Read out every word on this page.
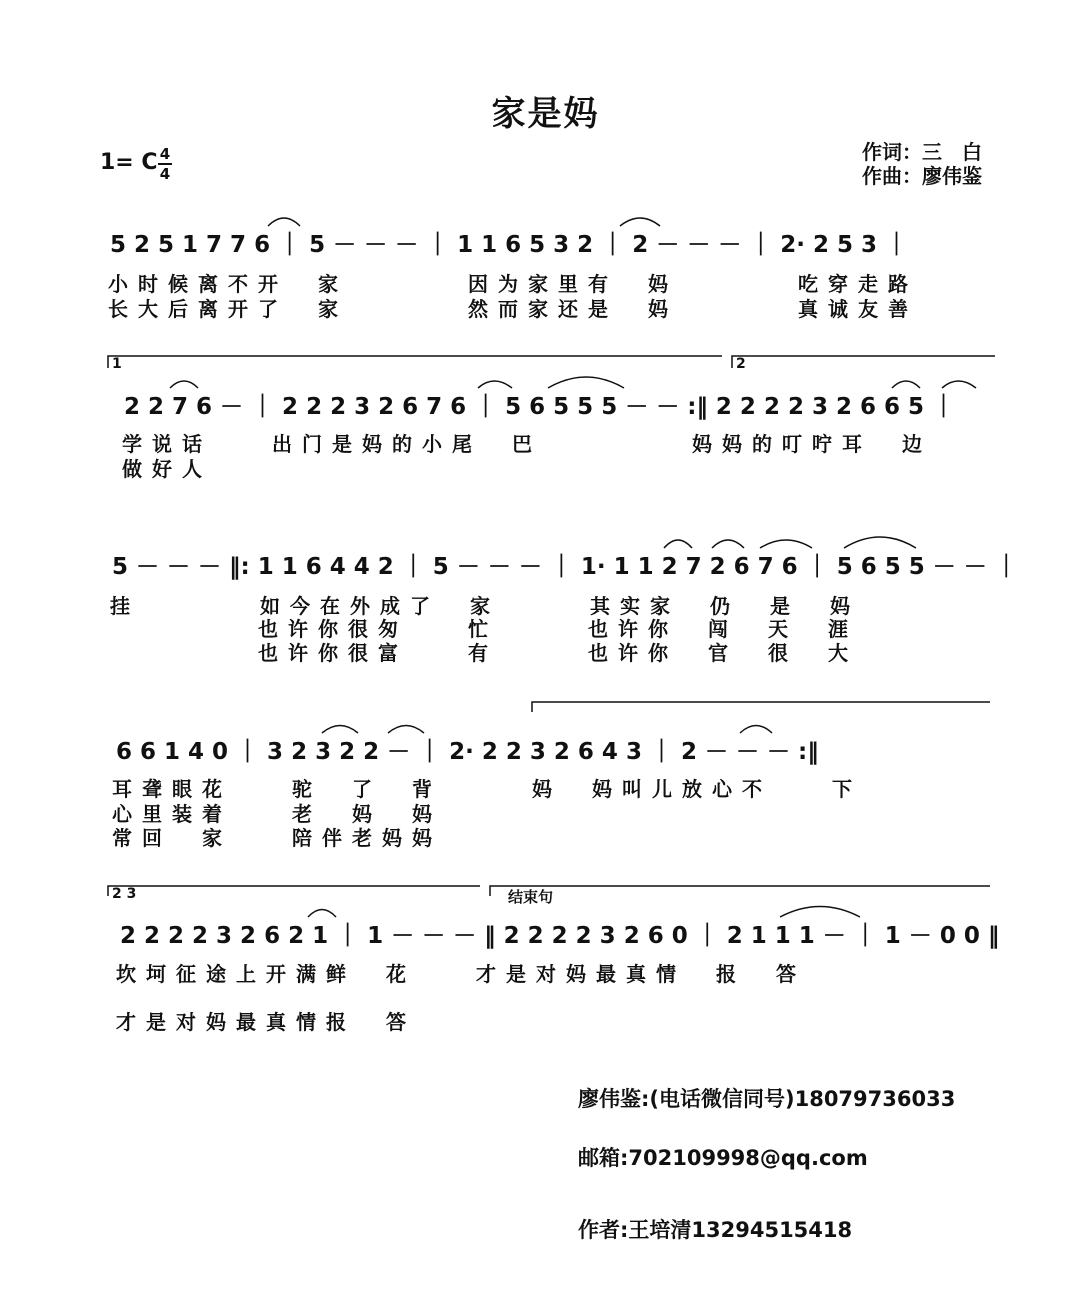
家是妈
1= C 4
4
作词：三　白
作曲：廖伟鉴
5 2 5 1 7 7 6 ｜ 5 － － － ｜ 1 1 6 5 3 2 ｜ 2 － － － ｜ 2· 2 5 3 ｜
小时候离不开　家　　　　因为家里有　妈　　　　吃穿走路
长大后离开了　家　　　　然而家还是　妈　　　　真诚友善
2 2 7 6 － ｜ 2 2 2 3 2 6 7 6 ｜ 5 6 5 5 5 － － :‖ 2 2 2 2 3 2 6 6 5 ｜
学说话　　出门是妈的小尾　巴　　　　　妈妈的叮咛耳　边
做好人
5 － － － ‖: 1 1 6 4 4 2 ｜ 5 － － － ｜ 1· 1 1 2 7 2 6 7 6 ｜ 5 6 5 5 － － ｜
挂　　　　如今在外成了　家　　　其实家　仍　是　妈
也许你很匆　　忙　　　也许你　闯　天　涯
也许你很富　　有　　　也许你　官　很　大
6 6 1 4 0 ｜ 3 2 3 2 2 － ｜ 2· 2 2 3 2 6 4 3 ｜ 2 － － － :‖
耳聋眼花　　驼　了　背　　　妈　妈叫儿放心不　　下
心里装着　　老　妈　妈
常回　家　　陪伴老妈妈
2 2 2 2 3 2 6 2 1 ｜ 1 － － － ‖ 2 2 2 2 3 2 6 0 ｜ 2 1 1 1 － ｜ 1 － 0 0 ‖
坎坷征途上开满鲜　花　　才是对妈最真情　报　答
才是对妈最真情报　答
1	2
2 3	结束句
廖伟鉴:(电话微信同号)18079736033
邮箱:702109998@qq.com
作者:王培清13294515418
